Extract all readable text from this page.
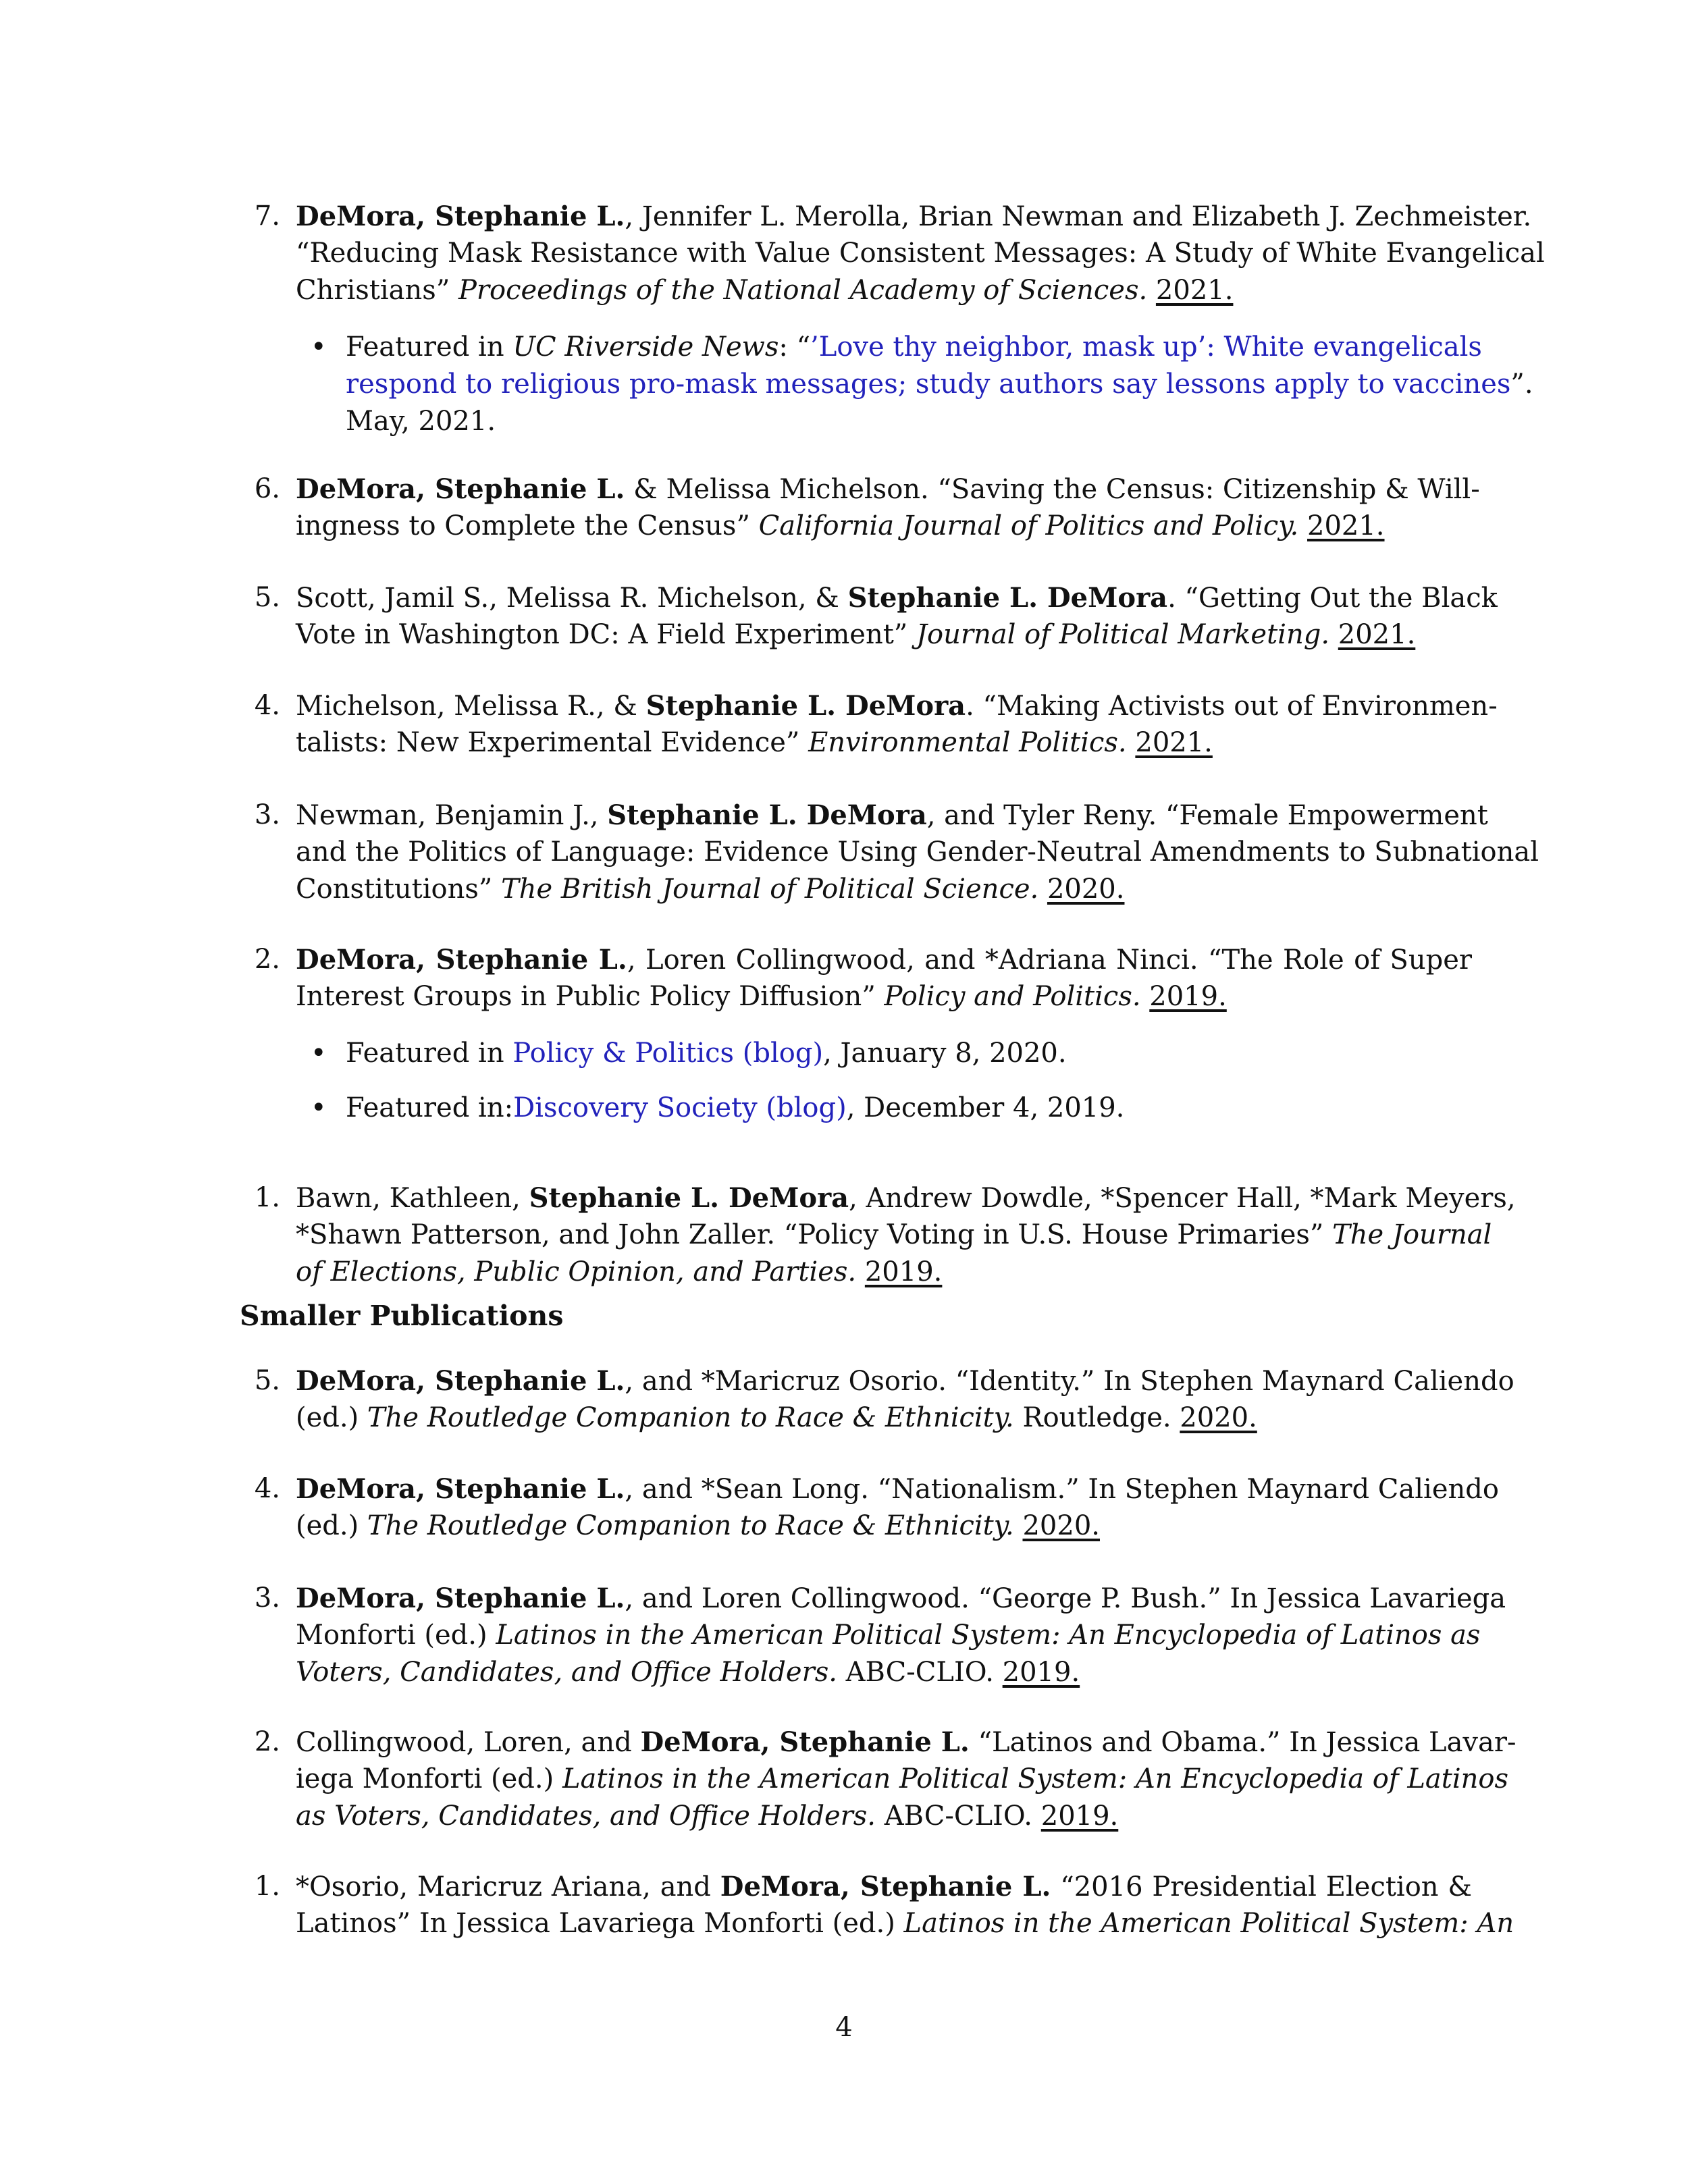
7. DeMora, Stephanie L., Jennifer L. Merolla, Brian Newman and Elizabeth J. Zechmeister.
“Reducing Mask Resistance with Value Consistent Messages: A Study of White Evangelical
Christians” Proceedings of the National Academy of Sciences. 2021.
• Featured in UC Riverside News: “’Love thy neighbor, mask up’: White evangelicals
respond to religious pro-mask messages; study authors say lessons apply to vaccines”.
May, 2021.
6. DeMora, Stephanie L. & Melissa Michelson. “Saving the Census: Citizenship & Will-
ingness to Complete the Census” California Journal of Politics and Policy. 2021.
5. Scott, Jamil S., Melissa R. Michelson, & Stephanie L. DeMora. “Getting Out the Black
Vote in Washington DC: A Field Experiment” Journal of Political Marketing. 2021.
4. Michelson, Melissa R., & Stephanie L. DeMora. “Making Activists out of Environmen-
talists: New Experimental Evidence” Environmental Politics. 2021.
3. Newman, Benjamin J., Stephanie L. DeMora, and Tyler Reny. “Female Empowerment
and the Politics of Language: Evidence Using Gender-Neutral Amendments to Subnational
Constitutions” The British Journal of Political Science. 2020.
2. DeMora, Stephanie L., Loren Collingwood, and *Adriana Ninci. “The Role of Super
Interest Groups in Public Policy Diffusion” Policy and Politics. 2019.
• Featured in Policy & Politics (blog), January 8, 2020.
• Featured in:Discovery Society (blog), December 4, 2019.
1. Bawn, Kathleen, Stephanie L. DeMora, Andrew Dowdle, *Spencer Hall, *Mark Meyers,
*Shawn Patterson, and John Zaller. “Policy Voting in U.S. House Primaries” The Journal
of Elections, Public Opinion, and Parties. 2019.
Smaller Publications
5. DeMora, Stephanie L., and *Maricruz Osorio. “Identity.” In Stephen Maynard Caliendo
(ed.) The Routledge Companion to Race & Ethnicity. Routledge. 2020.
4. DeMora, Stephanie L., and *Sean Long. “Nationalism.” In Stephen Maynard Caliendo
(ed.) The Routledge Companion to Race & Ethnicity. 2020.
3. DeMora, Stephanie L., and Loren Collingwood. “George P. Bush.” In Jessica Lavariega
Monforti (ed.) Latinos in the American Political System: An Encyclopedia of Latinos as
Voters, Candidates, and Office Holders. ABC-CLIO. 2019.
2. Collingwood, Loren, and DeMora, Stephanie L. “Latinos and Obama.” In Jessica Lavar-
iega Monforti (ed.) Latinos in the American Political System: An Encyclopedia of Latinos
as Voters, Candidates, and Office Holders. ABC-CLIO. 2019.
1. *Osorio, Maricruz Ariana, and DeMora, Stephanie L. “2016 Presidential Election &
Latinos” In Jessica Lavariega Monforti (ed.) Latinos in the American Political System: An
4
